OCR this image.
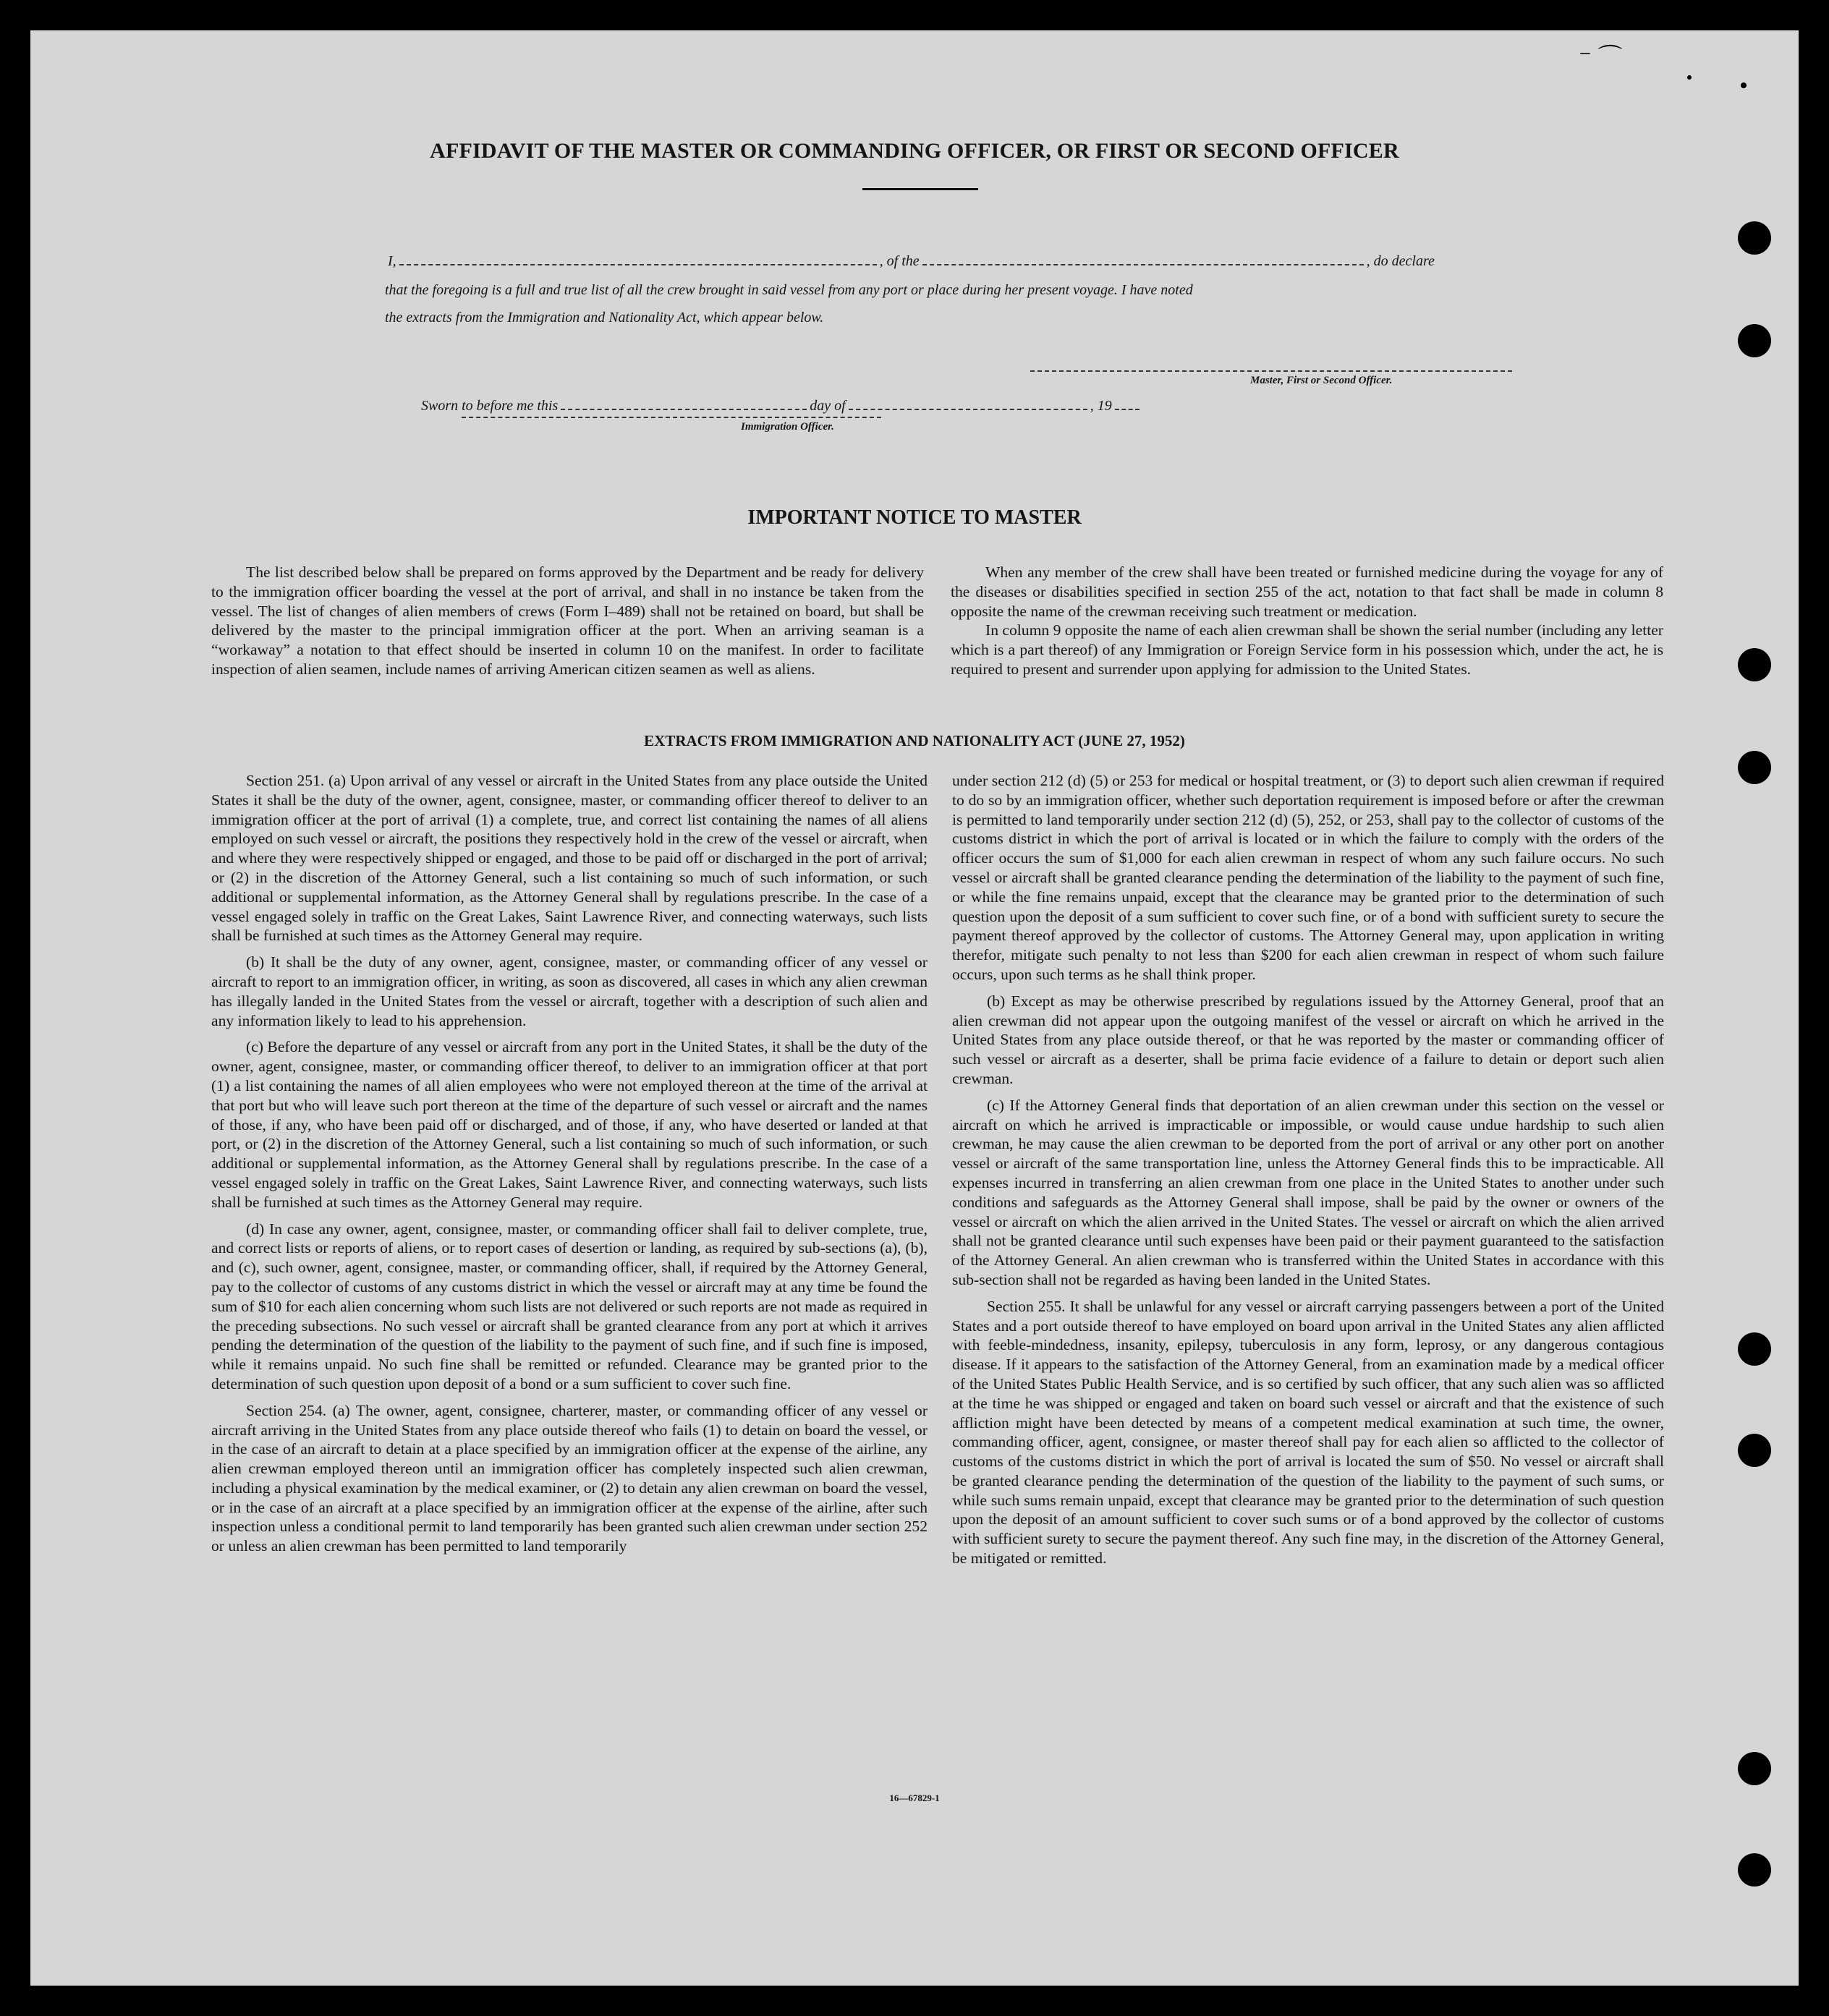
⁻ ⌒
AFFIDAVIT OF THE MASTER OR COMMANDING OFFICER, OR FIRST OR SECOND OFFICER
I,	, of the	, do declare
that the foregoing is a full and true list of all the crew brought in said vessel from any port or place during her present voyage. I have noted
the extracts from the Immigration and Nationality Act, which appear below.
Master, First or Second Officer.
Sworn to before me this	day of	, 19
Immigration Officer.
IMPORTANT NOTICE TO MASTER

The list described below shall be prepared on forms approved by the Department and be ready for delivery to the immigration officer boarding the vessel at the port of arrival, and shall in no instance be taken from the vessel. The list of changes of alien members of crews (Form I–489) shall not be retained on board, but shall be delivered by the master to the principal immigration officer at the port. When an arriving seaman is a “workaway” a notation to that effect should be inserted in column 10 on the manifest. In order to facilitate inspection of alien seamen, include names of arriving American citizen seamen as well as aliens.

When any member of the crew shall have been treated or furnished medicine during the voyage for any of the diseases or disabilities specified in section 255 of the act, notation to that fact shall be made in column 8 opposite the name of the crewman receiving such treatment or medication.

In column 9 opposite the name of each alien crewman shall be shown the serial number (including any letter which is a part thereof) of any Immigration or Foreign Service form in his possession which, under the act, he is required to present and surrender upon applying for admission to the United States.

EXTRACTS FROM IMMIGRATION AND NATIONALITY ACT (JUNE 27, 1952)

Section 251. (a) Upon arrival of any vessel or aircraft in the United States from any place outside the United States it shall be the duty of the owner, agent, consignee, master, or commanding officer thereof to deliver to an immigration officer at the port of arrival (1) a complete, true, and correct list containing the names of all aliens employed on such vessel or aircraft, the positions they respectively hold in the crew of the vessel or aircraft, when and where they were respectively shipped or engaged, and those to be paid off or discharged in the port of arrival; or (2) in the discretion of the Attorney General, such a list containing so much of such information, or such additional or supplemental information, as the Attorney General shall by regulations prescribe. In the case of a vessel engaged solely in traffic on the Great Lakes, Saint Lawrence River, and connecting waterways, such lists shall be furnished at such times as the Attorney General may require.

(b) It shall be the duty of any owner, agent, consignee, master, or commanding officer of any vessel or aircraft to report to an immigration officer, in writing, as soon as discovered, all cases in which any alien crewman has illegally landed in the United States from the vessel or aircraft, together with a description of such alien and any information likely to lead to his apprehension.

(c) Before the departure of any vessel or aircraft from any port in the United States, it shall be the duty of the owner, agent, consignee, master, or commanding officer thereof, to deliver to an immigration officer at that port (1) a list containing the names of all alien employees who were not employed thereon at the time of the arrival at that port but who will leave such port thereon at the time of the departure of such vessel or aircraft and the names of those, if any, who have been paid off or discharged, and of those, if any, who have deserted or landed at that port, or (2) in the discretion of the Attorney General, such a list containing so much of such information, or such additional or supplemental information, as the Attorney General shall by regulations prescribe. In the case of a vessel engaged solely in traffic on the Great Lakes, Saint Lawrence River, and connecting waterways, such lists shall be furnished at such times as the Attorney General may require.

(d) In case any owner, agent, consignee, master, or commanding officer shall fail to deliver complete, true, and correct lists or reports of aliens, or to report cases of desertion or landing, as required by sub-sections (a), (b), and (c), such owner, agent, consignee, master, or commanding officer, shall, if required by the Attorney General, pay to the collector of customs of any customs district in which the vessel or aircraft may at any time be found the sum of $10 for each alien concerning whom such lists are not delivered or such reports are not made as required in the preceding subsections. No such vessel or aircraft shall be granted clearance from any port at which it arrives pending the determination of the question of the liability to the payment of such fine, and if such fine is imposed, while it remains unpaid. No such fine shall be remitted or refunded. Clearance may be granted prior to the determination of such question upon deposit of a bond or a sum sufficient to cover such fine.

Section 254. (a) The owner, agent, consignee, charterer, master, or commanding officer of any vessel or aircraft arriving in the United States from any place outside thereof who fails (1) to detain on board the vessel, or in the case of an aircraft to detain at a place specified by an immigration officer at the expense of the airline, any alien crewman employed thereon until an immigration officer has completely inspected such alien crewman, including a physical examination by the medical examiner, or (2) to detain any alien crewman on board the vessel, or in the case of an aircraft at a place specified by an immigration officer at the expense of the airline, after such inspection unless a conditional permit to land temporarily has been granted such alien crewman under section 252 or unless an alien crewman has been permitted to land temporarily

under section 212 (d) (5) or 253 for medical or hospital treatment, or (3) to deport such alien crewman if required to do so by an immigration officer, whether such deportation requirement is imposed before or after the crewman is permitted to land temporarily under section 212 (d) (5), 252, or 253, shall pay to the collector of customs of the customs district in which the port of arrival is located or in which the failure to comply with the orders of the officer occurs the sum of $1,000 for each alien crewman in respect of whom any such failure occurs. No such vessel or aircraft shall be granted clearance pending the determination of the liability to the payment of such fine, or while the fine remains unpaid, except that the clearance may be granted prior to the determination of such question upon the deposit of a sum sufficient to cover such fine, or of a bond with sufficient surety to secure the payment thereof approved by the collector of customs. The Attorney General may, upon application in writing therefor, mitigate such penalty to not less than $200 for each alien crewman in respect of whom such failure occurs, upon such terms as he shall think proper.

(b) Except as may be otherwise prescribed by regulations issued by the Attorney General, proof that an alien crewman did not appear upon the outgoing manifest of the vessel or aircraft on which he arrived in the United States from any place outside thereof, or that he was reported by the master or commanding officer of such vessel or aircraft as a deserter, shall be prima facie evidence of a failure to detain or deport such alien crewman.

(c) If the Attorney General finds that deportation of an alien crewman under this section on the vessel or aircraft on which he arrived is impracticable or impossible, or would cause undue hardship to such alien crewman, he may cause the alien crewman to be deported from the port of arrival or any other port on another vessel or aircraft of the same transportation line, unless the Attorney General finds this to be impracticable. All expenses incurred in transferring an alien crewman from one place in the United States to another under such conditions and safeguards as the Attorney General shall impose, shall be paid by the owner or owners of the vessel or aircraft on which the alien arrived in the United States. The vessel or aircraft on which the alien arrived shall not be granted clearance until such expenses have been paid or their payment guaranteed to the satisfaction of the Attorney General. An alien crewman who is transferred within the United States in accordance with this sub-section shall not be regarded as having been landed in the United States.

Section 255. It shall be unlawful for any vessel or aircraft carrying passengers between a port of the United States and a port outside thereof to have employed on board upon arrival in the United States any alien afflicted with feeble-mindedness, insanity, epilepsy, tuberculosis in any form, leprosy, or any dangerous contagious disease. If it appears to the satisfaction of the Attorney General, from an examination made by a medical officer of the United States Public Health Service, and is so certified by such officer, that any such alien was so afflicted at the time he was shipped or engaged and taken on board such vessel or aircraft and that the existence of such affliction might have been detected by means of a competent medical examination at such time, the owner, commanding officer, agent, consignee, or master thereof shall pay for each alien so afflicted to the collector of customs of the customs district in which the port of arrival is located the sum of $50. No vessel or aircraft shall be granted clearance pending the determination of the question of the liability to the payment of such sums, or while such sums remain unpaid, except that clearance may be granted prior to the determination of such question upon the deposit of an amount sufficient to cover such sums or of a bond approved by the collector of customs with sufficient surety to secure the payment thereof. Any such fine may, in the discretion of the Attorney General, be mitigated or remitted.

16—67829-1
